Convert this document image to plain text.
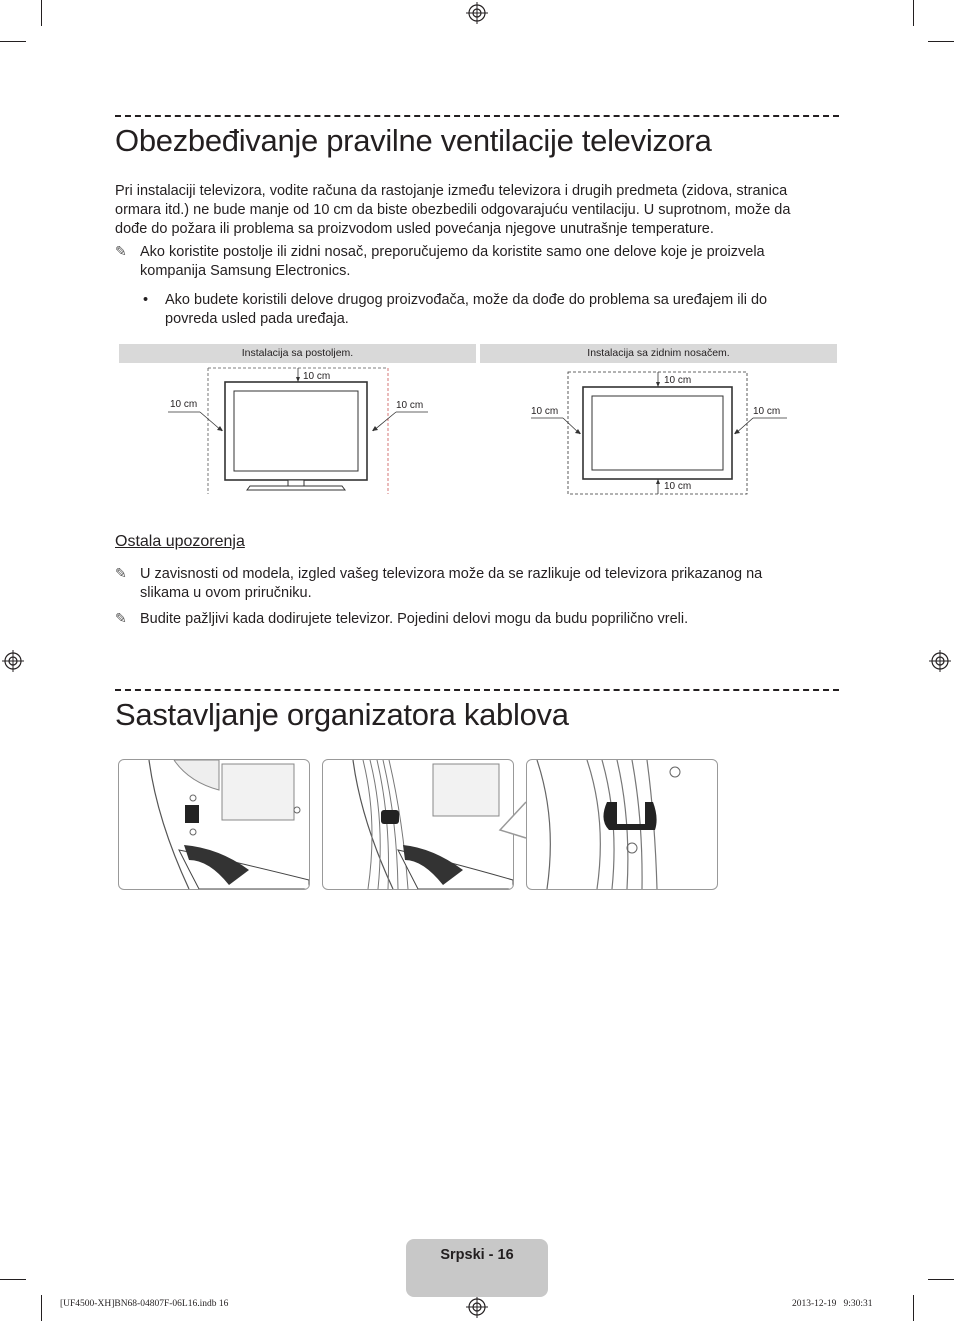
Obezbeđivanje pravilne ventilacije televizora
Pri instalaciji televizora, vodite računa da rastojanje između televizora i drugih predmeta (zidova, stranica
ormara itd.) ne bude manje od 10 cm da biste obezbedili odgovarajuću ventilaciju. U suprotnom, može da
dođe do požara ili problema sa proizvodom usled povećanja njegove unutrašnje temperature.
✎ Ako koristite postolje ili zidni nosač, preporučujemo da koristite samo one delove koje je proizvela
kompanija Samsung Electronics.
• Ako budete koristili delove drugog proizvođača, može da dođe do problema sa uređajem ili do
povreda usled pada uređaja.
Instalacija sa postoljem.	Instalacija sa zidnim nosačem.
10 cm
10 cm	10 cm
10 cm
10 cm	10 cm
10 cm
Ostala upozorenja
✎ U zavisnosti od modela, izgled vašeg televizora može da se razlikuje od televizora prikazanog na
slikama u ovom priručniku.
✎ Budite pažljivi kada dodirujete televizor. Pojedini delovi mogu da budu poprilično vreli.
Sastavljanje organizatora kablova
Srpski - 16
[UF4500-XH]BN68-04807F-06L16.indb 16	2013-12-19   9:30:31
